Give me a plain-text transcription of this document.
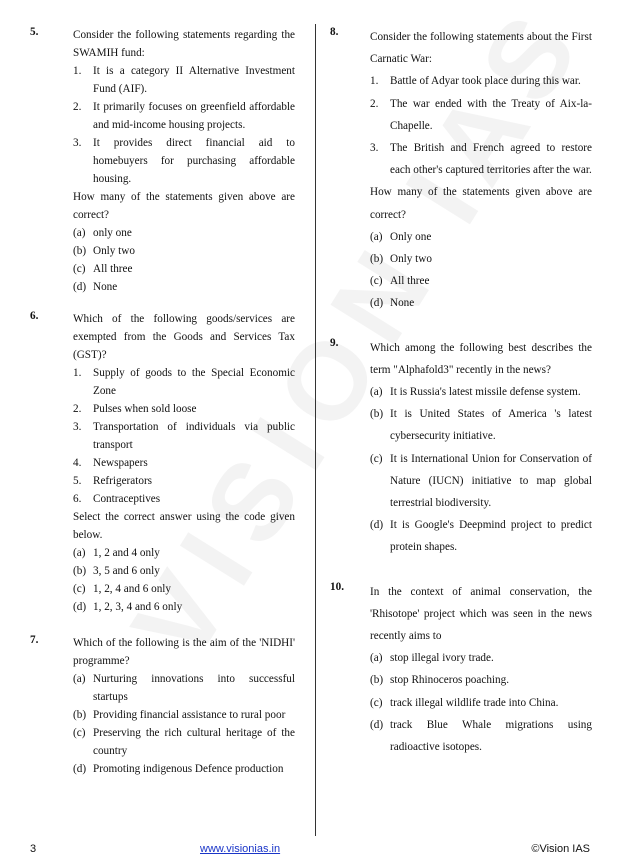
5.	Consider the following statements regarding the SWAMIH fund:
1.	It is a category II Alternative Investment Fund (AIF).
2.	It primarily focuses on greenfield affordable and mid-income housing projects.
3.	It provides direct financial aid to homebuyers for purchasing affordable housing.
How many of the statements given above are correct?
(a) only one
(b) Only two
(c) All three
(d) None
6.	Which of the following goods/services are exempted from the Goods and Services Tax (GST)?
1.	Supply of goods to the Special Economic Zone
2.	Pulses when sold loose
3.	Transportation of individuals via public transport
4.	Newspapers
5.	Refrigerators
6.	Contraceptives
Select the correct answer using the code given below.
(a) 1, 2 and 4 only
(b) 3, 5 and 6 only
(c) 1, 2, 4 and 6 only
(d) 1, 2, 3, 4 and 6 only
7.	Which of the following is the aim of the 'NIDHI' programme?
(a) Nurturing innovations into successful startups
(b) Providing financial assistance to rural poor
(c) Preserving the rich cultural heritage of the country
(d) Promoting indigenous Defence production
8.	Consider the following statements about the First Carnatic War:
1.	Battle of Adyar took place during this war.
2.	The war ended with the Treaty of Aix-la-Chapelle.
3.	The British and French agreed to restore each other's captured territories after the war.
How many of the statements given above are correct?
(a) Only one
(b) Only two
(c) All three
(d) None
9.	Which among the following best describes the term "Alphafold3" recently in the news?
(a) It is Russia's latest missile defense system.
(b) It is United States of America 's latest cybersecurity initiative.
(c) It is International Union for Conservation of Nature (IUCN) initiative to map global terrestrial biodiversity.
(d) It is Google's Deepmind project to predict protein shapes.
10. In the context of animal conservation, the 'Rhisotope' project which was seen in the news recently aims to
(a) stop illegal ivory trade.
(b) stop Rhinoceros poaching.
(c) track illegal wildlife trade into China.
(d) track Blue Whale migrations using radioactive isotopes.
3	www.visionias.in	©Vision IAS
